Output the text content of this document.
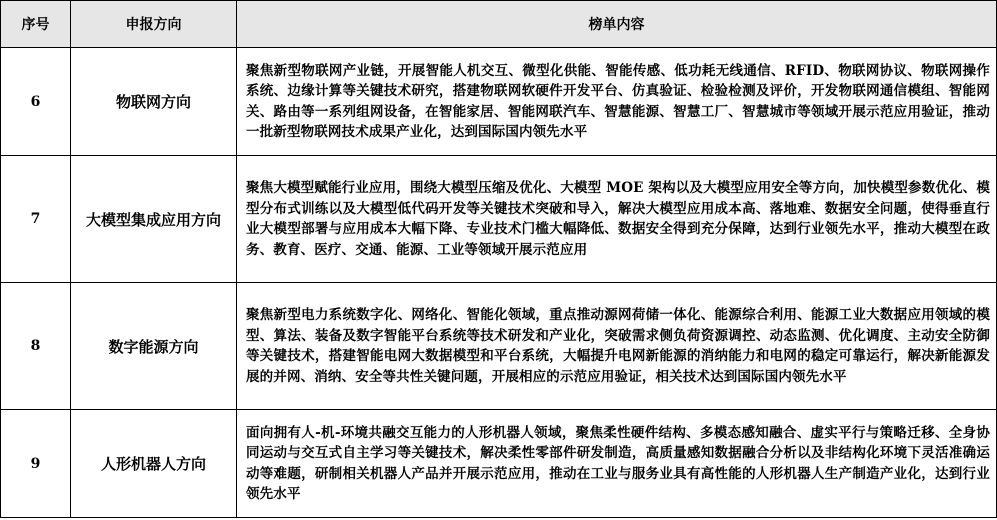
序号	申报方向	榜单内容
6	物联网方向	聚焦新型物联网产业链，开展智能人机交互、微型化供能、智能传感、低功耗无线通信、RFID、物联网协议、物联网操作系统、边缘计算等关键技术研究，搭建物联网软硬件开发平台、仿真验证、检验检测及评价，开发物联网通信模组、智能网关、路由等一系列组网设备，在智能家居、智能网联汽车、智慧能源、智慧工厂、智慧城市等领域开展示范应用验证，推动一批新型物联网技术成果产业化，达到国际国内领先水平
7	大模型集成应用方向	聚焦大模型赋能行业应用，围绕大模型压缩及优化、大模型 MOE 架构以及大模型应用安全等方向，加快模型参数优化、模型分布式训练以及大模型低代码开发等关键技术突破和导入，解决大模型应用成本高、落地难、数据安全问题，使得垂直行业大模型部署与应用成本大幅下降、专业技术门槛大幅降低、数据安全得到充分保障，达到行业领先水平，推动大模型在政务、教育、医疗、交通、能源、工业等领域开展示范应用
8	数字能源方向	聚焦新型电力系统数字化、网络化、智能化领域，重点推动源网荷储一体化、能源综合利用、能源工业大数据应用领域的模型、算法、装备及数字智能平台系统等技术研发和产业化，突破需求侧负荷资源调控、动态监测、优化调度、主动安全防御等关键技术，搭建智能电网大数据模型和平台系统，大幅提升电网新能源的消纳能力和电网的稳定可靠运行，解决新能源发展的并网、消纳、安全等共性关键问题，开展相应的示范应用验证，相关技术达到国际国内领先水平
9	人形机器人方向	面向拥有人-机-环境共融交互能力的人形机器人领域，聚焦柔性硬件结构、多模态感知融合、虚实平行与策略迁移、全身协同运动与交互式自主学习等关键技术，解决柔性零部件研发制造，高质量感知数据融合分析以及非结构化环境下灵活准确运动等难题，研制相关机器人产品并开展示范应用，推动在工业与服务业具有高性能的人形机器人生产制造产业化，达到行业领先水平
